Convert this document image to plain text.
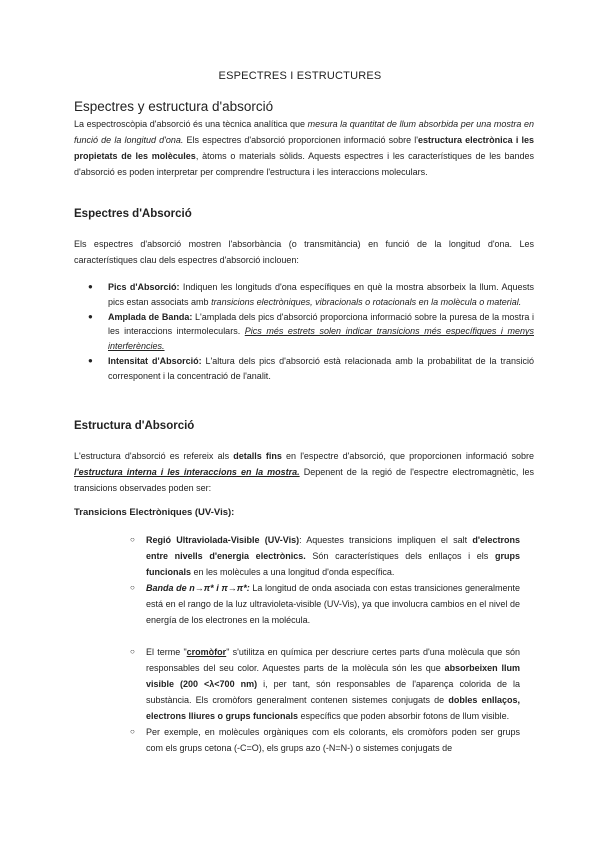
ESPECTRES I ESTRUCTURES
Espectres y estructura d'absorció
La espectroscòpia d'absorció és una tècnica analítica que mesura la quantitat de llum absorbida per una mostra en funció de la longitud d'ona. Els espectres d'absorció proporcionen informació sobre l'estructura electrònica i les propietats de les molècules, àtoms o materials sòlids. Aquests espectres i les característiques de les bandes d'absorció es poden interpretar per comprendre l'estructura i les interaccions moleculars.
Espectres d'Absorció
Els espectres d'absorció mostren l'absorbància (o transmitància) en funció de la longitud d'ona. Les característiques clau dels espectres d'absorció inclouen:
● Pics d'Absorció: Indiquen les longituds d'ona específiques en què la mostra absorbeix la llum. Aquests pics estan associats amb transicions electròniques, vibracionals o rotacionals en la molècula o material.
● Amplada de Banda: L'amplada dels pics d'absorció proporciona informació sobre la puresa de la mostra i les interaccions intermoleculars. Pics més estrets solen indicar transicions més específiques i menys interferències.
● Intensitat d'Absorció: L'altura dels pics d'absorció està relacionada amb la probabilitat de la transició corresponent i la concentració de l'analit.
Estructura d'Absorció
L'estructura d'absorció es refereix als detalls fins en l'espectre d'absorció, que proporcionen informació sobre l'estructura interna i les interaccions en la mostra. Depenent de la regió de l'espectre electromagnètic, les transicions observades poden ser:
Transicions Electròniques (UV-Vis):
○ Regió Ultraviolada-Visible (UV-Vis): Aquestes transicions impliquen el salt d'electrons entre nivells d'energia electrònics. Són característiques dels enllaços i els grups funcionals en les molècules a una longitud d'onda específica.
○ Banda de n→π* i π→π*: La longitud de onda asociada con estas transiciones generalmente está en el rango de la luz ultravioleta-visible (UV-Vis), ya que involucra cambios en el nivel de energía de los electrones en la molécula.
○ El terme "cromòfor" s'utilitza en química per descriure certes parts d'una molècula que són responsables del seu color. Aquestes parts de la molècula són les que absorbeixen llum visible (200 <λ<700 nm) i, per tant, són responsables de l'aparença colorida de la substància. Els cromòfors generalment contenen sistemes conjugats de dobles enllaços, electrons lliures o grups funcionals específics que poden absorbir fotons de llum visible.
○ Per exemple, en molècules orgàniques com els colorants, els cromòfors poden ser grups com els grups cetona (-C=O), els grups azo (-N=N-) o sistemes conjugats de
